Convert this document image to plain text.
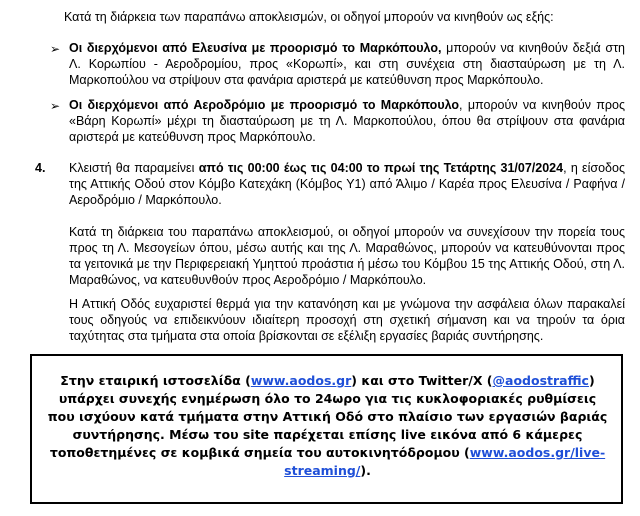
Κατά τη διάρκεια των παραπάνω αποκλεισμών, οι οδηγοί μπορούν να κινηθούν ως εξής:
➢ Οι διερχόμενοι από Ελευσίνα με προορισμό το Μαρκόπουλο, μπορούν να κινηθούν δεξιά στη Λ. Κορωπίου - Αεροδρομίου, προς «Κορωπί», και στη συνέχεια στη διασταύρωση με τη Λ. Μαρκοπούλου να στρίψουν στα φανάρια αριστερά με κατεύθυνση προς Μαρκόπουλο.
➢ Οι διερχόμενοι από Αεροδρόμιο με προορισμό το Μαρκόπουλο, μπορούν να κινηθούν προς «Βάρη Κορωπί» μέχρι τη διασταύρωση με τη Λ. Μαρκοπούλου, όπου θα στρίψουν στα φανάρια αριστερά με κατεύθυνση προς Μαρκόπουλο.
4. Κλειστή θα παραμείνει από τις 00:00 έως τις 04:00 το πρωί της Τετάρτης 31/07/2024, η είσοδος της Αττικής Οδού στον Κόμβο Κατεχάκη (Κόμβος Υ1) από Άλιμο / Καρέα προς Ελευσίνα / Ραφήνα / Αεροδρόμιο / Μαρκόπουλο.
Κατά τη διάρκεια του παραπάνω αποκλεισμού, οι οδηγοί μπορούν να συνεχίσουν την πορεία τους προς τη Λ. Μεσογείων όπου, μέσω αυτής και της Λ. Μαραθώνος, μπορούν να κατευθύνονται προς τα γειτονικά με την Περιφερειακή Υμηττού προάστια ή μέσω του Κόμβου 15 της Αττικής Οδού, στη Λ. Μαραθώνος, να κατευθυνθούν προς Αεροδρόμιο / Μαρκόπουλο.
Η Αττική Οδός ευχαριστεί θερμά για την κατανόηση και με γνώμονα την ασφάλεια όλων παρακαλεί τους οδηγούς να επιδεικνύουν ιδιαίτερη προσοχή στη σχετική σήμανση και να τηρούν τα όρια ταχύτητας στα τμήματα στα οποία βρίσκονται σε εξέλιξη εργασίες βαριάς συντήρησης.
Στην εταιρική ιστοσελίδα (www.aodos.gr) και στο Twitter/X (@aodostraffic) υπάρχει συνεχής ενημέρωση όλο το 24ωρο για τις κυκλοφοριακές ρυθμίσεις που ισχύουν κατά τμήματα στην Αττική Οδό στο πλαίσιο των εργασιών βαριάς συντήρησης. Μέσω του site παρέχεται επίσης live εικόνα από 6 κάμερες τοποθετημένες σε κομβικά σημεία του αυτοκινητόδρομου (www.aodos.gr/live-streaming/).
